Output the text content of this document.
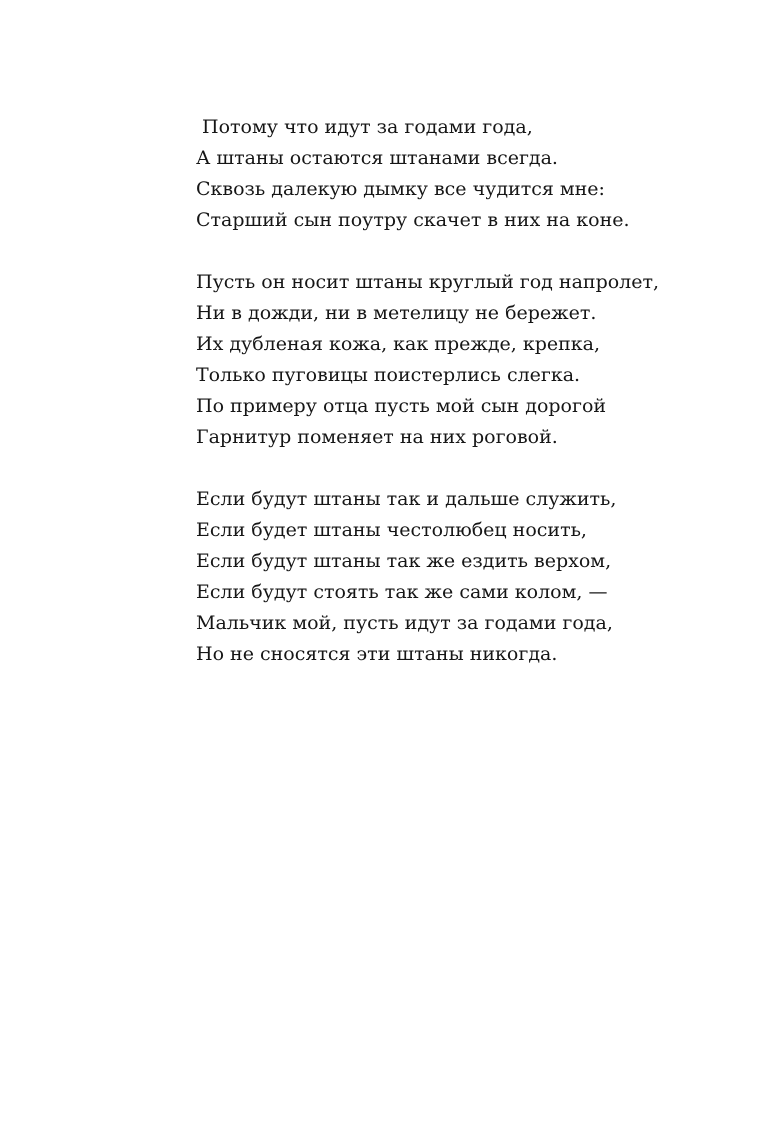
Потому что идут за годами года,
А штаны остаются штанами всегда.
Сквозь далекую дымку все чудится мне:
Старший сын поутру скачет в них на коне.
Пусть он носит штаны круглый год напролет,
Ни в дожди, ни в метелицу не бережет.
Их дубленая кожа, как прежде, крепка,
Только пуговицы поистерлись слегка.
По примеру отца пусть мой сын дорогой
Гарнитур поменяет на них роговой.
Если будут штаны так и дальше служить,
Если будет штаны честолюбец носить,
Если будут штаны так же ездить верхом,
Если будут стоять так же сами колом, —
Мальчик мой, пусть идут за годами года,
Но не сносятся эти штаны никогда.
